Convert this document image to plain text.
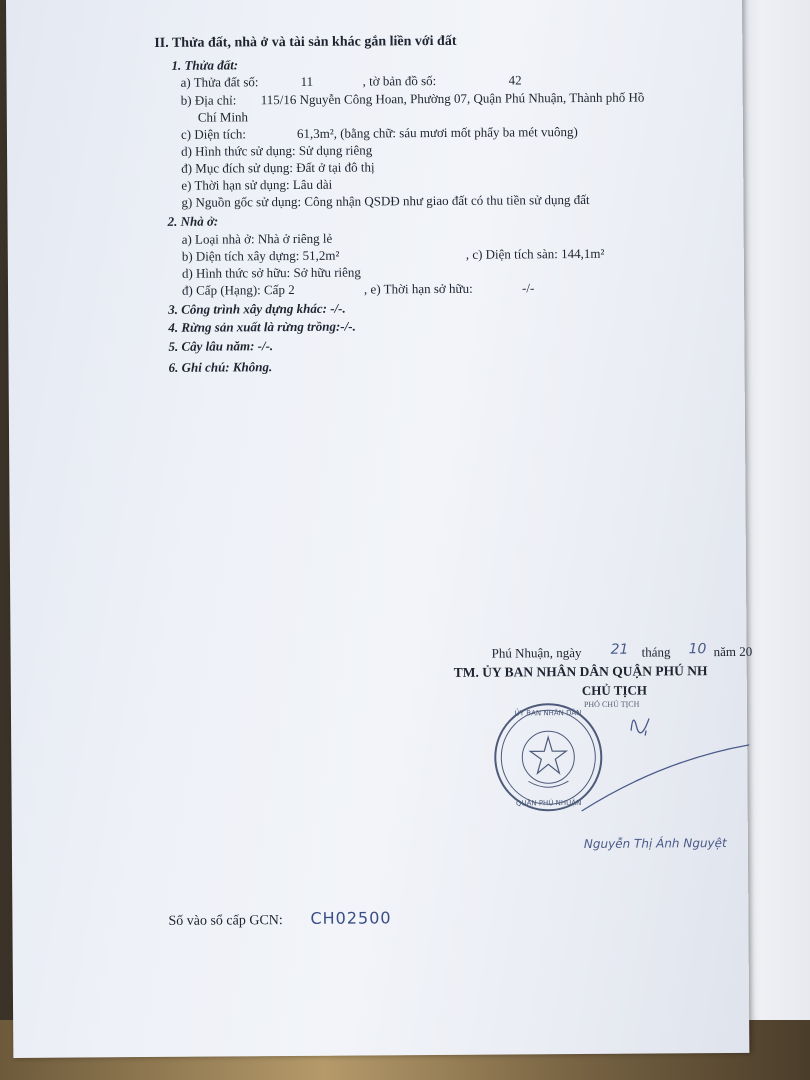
II. Thửa đất, nhà ở và tài sản khác gắn liền với đất
1. Thửa đất:
a) Thửa đất số:	11	, tờ bản đồ số:	42
b) Địa chỉ: 115/16 Nguyễn Công Hoan, Phường 07, Quận Phú Nhuận, Thành phố Hồ
Chí Minh
c) Diện tích:	61,3m², (bằng chữ: sáu mươi mốt phẩy ba mét vuông)
d) Hình thức sử dụng: Sử dụng riêng
đ) Mục đích sử dụng: Đất ở tại đô thị
e) Thời hạn sử dụng: Lâu dài
g) Nguồn gốc sử dụng: Công nhận QSDĐ như giao đất có thu tiền sử dụng đất
2. Nhà ở:
a) Loại nhà ở: Nhà ở riêng lẻ
b) Diện tích xây dựng: 51,2m²	, c) Diện tích sàn: 144,1m²
d) Hình thức sở hữu: Sở hữu riêng
đ) Cấp (Hạng): Cấp 2	, e) Thời hạn sở hữu:	-/-
3. Công trình xây dựng khác: -/-.
4. Rừng sản xuất là rừng trồng:-/-.
5. Cây lâu năm: -/-.
6. Ghi chú: Không.
Phú Nhuận, ngày 21 tháng 10 năm 20
TM. ỦY BAN NHÂN DÂN QUẬN PHÚ NH
CHỦ TỊCH
PHÓ CHỦ TỊCH
ỦY BAN NHÂN DÂN
QUẬN PHÚ NHUẬN
Nguyễn Thị Ánh Nguyệt
Số vào sổ cấp GCN: CH02500
